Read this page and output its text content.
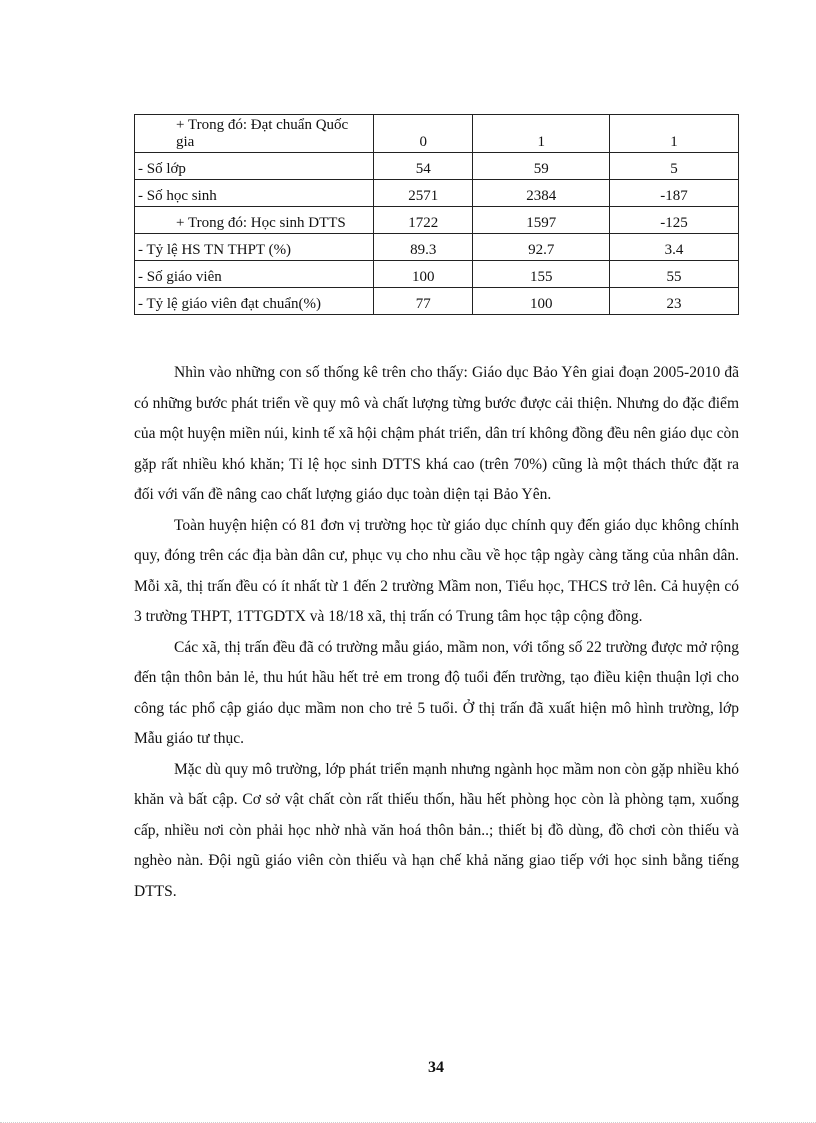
+ Trong đó: Đạt chuẩn Quốc gia	0	1	1

- Số lớp	54	59	5

- Số học sinh	2571	2384	-187

+ Trong đó: Học sinh DTTS	1722	1597	-125

- Tỷ lệ HS TN THPT (%)	89.3	92.7	3.4

- Số giáo viên	100	155	55

- Tỷ lệ giáo viên đạt chuẩn(%)	77	100	23

Nhìn vào những con số thống kê trên cho thấy: Giáo dục Bảo Yên giai đoạn 2005-2010 đã có những bước phát triển về quy mô và chất lượng từng bước được cải thiện. Nhưng do đặc điểm của một huyện miền núi, kinh tế xã hội chậm phát triển, dân trí không đồng đều nên giáo dục còn gặp rất nhiều khó khăn; Tỉ lệ học sinh DTTS khá cao (trên 70%) cũng là một thách thức đặt ra đối với vấn đề nâng cao chất lượng giáo dục toàn diện tại Bảo Yên.

Toàn huyện hiện có 81 đơn vị trường học từ giáo dục chính quy đến giáo dục không chính quy, đóng trên các địa bàn dân cư, phục vụ cho nhu cầu về học tập ngày càng tăng của nhân dân. Mỗi xã, thị trấn đều có ít nhất từ 1 đến 2 trường Mầm non, Tiểu học, THCS trở lên. Cả huyện có 3 trường THPT, 1TTGDTX và 18/18 xã, thị trấn có Trung tâm học tập cộng đồng.

Các xã, thị trấn đều đã có trường mẫu giáo, mầm non, với tổng số 22 trường được mở rộng đến tận thôn bản lẻ, thu hút hầu hết trẻ em trong độ tuổi đến trường, tạo điều kiện thuận lợi cho công tác phổ cập giáo dục mầm non cho trẻ 5 tuổi. Ở thị trấn đã xuất hiện mô hình trường, lớp Mẫu giáo tư thục.

Mặc dù quy mô trường, lớp phát triển mạnh nhưng ngành học mầm non còn gặp nhiều khó khăn và bất cập. Cơ sở vật chất còn rất thiếu thốn, hầu hết phòng học còn là phòng tạm, xuống cấp, nhiều nơi còn phải học nhờ nhà văn hoá thôn bản..; thiết bị đồ dùng, đồ chơi còn thiếu và nghèo nàn. Đội ngũ giáo viên còn thiếu và hạn chế khả năng giao tiếp với học sinh bằng tiếng DTTS.

34
